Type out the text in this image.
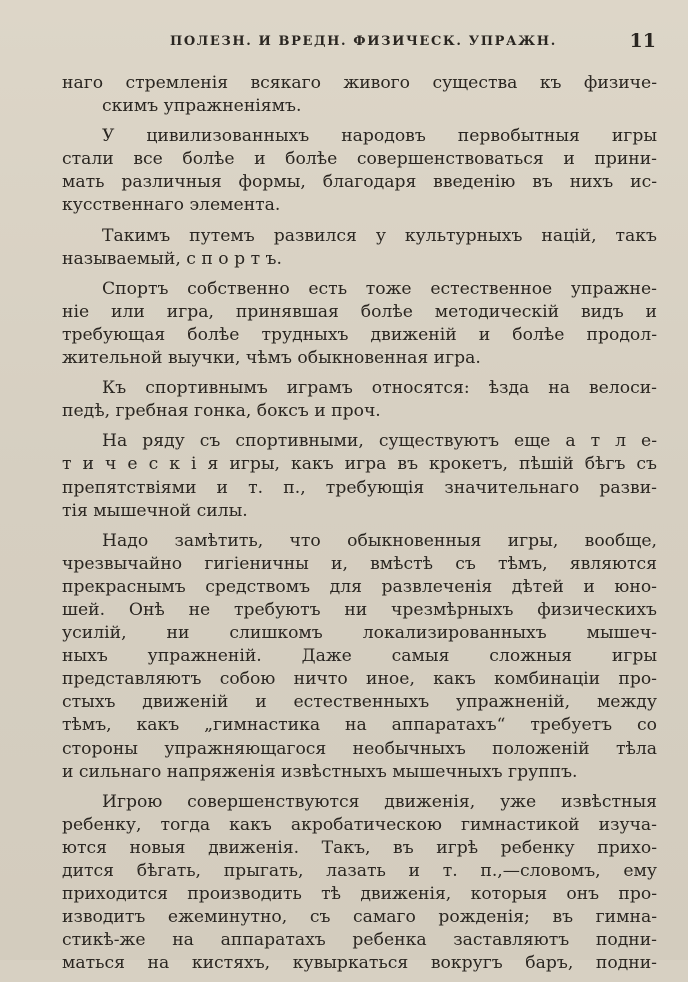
ПОЛЕЗН. И ВРЕДН. ФИЗИЧЕСК. УПРАЖН.	11
наго стремленія всякаго живого существа къ физиче-
скимъ упражненіямъ.
У цивилизованныхъ народовъ первобытныя игры
стали все болѣе и болѣе совершенствоваться и прини-
мать различныя формы, благодаря введенію въ нихъ ис-
кусственнаго элемента.
Такимъ путемъ развился у культурныхъ націй, такъ
называемый, с п о р т ъ.
Спортъ собственно есть тоже естественное упражне-
ніе или игра, принявшая болѣе методическій видъ и
требующая болѣе трудныхъ движеній и болѣе продол-
жительной выучки, чѣмъ обыкновенная игра.
Къ спортивнымъ играмъ относятся: ѣзда на велоси-
педѣ, гребная гонка, боксъ и проч.
На ряду съ спортивными, существуютъ еще а т л е-
т и ч е с к і я игры, какъ игра въ крокетъ, пѣшій бѣгъ съ
препятствіями и т. п., требующія значительнаго разви-
тія мышечной силы.
Надо замѣтить, что обыкновенныя игры, вообще,
чрезвычайно гигіеничны и, вмѣстѣ съ тѣмъ, являются
прекраснымъ средствомъ для развлеченія дѣтей и юно-
шей. Онѣ не требуютъ ни чрезмѣрныхъ физическихъ
усилій, ни слишкомъ локализированныхъ мышеч-
ныхъ упражненій. Даже самыя сложныя игры
представляютъ собою ничто иное, какъ комбинаціи про-
стыхъ движеній и естественныхъ упражненій, между
тѣмъ, какъ „гимнастика на аппаратахъ“ требуетъ со
стороны упражняющагося необычныхъ положеній тѣла
и сильнаго напряженія извѣстныхъ мышечныхъ группъ.
Игрою совершенствуются движенія, уже извѣстныя
ребенку, тогда какъ акробатическою гимнастикой изуча-
ются новыя движенія. Такъ, въ игрѣ ребенку прихо-
дится бѣгать, прыгать, лазать и т. п.,—словомъ, ему
приходится производить тѣ движенія, которыя онъ про-
изводитъ ежеминутно, съ самаго рожденія; въ гимна-
стикѣ-же на аппаратахъ ребенка заставляютъ подни-
маться на кистяхъ, кувыркаться вокругъ баръ, подни-
